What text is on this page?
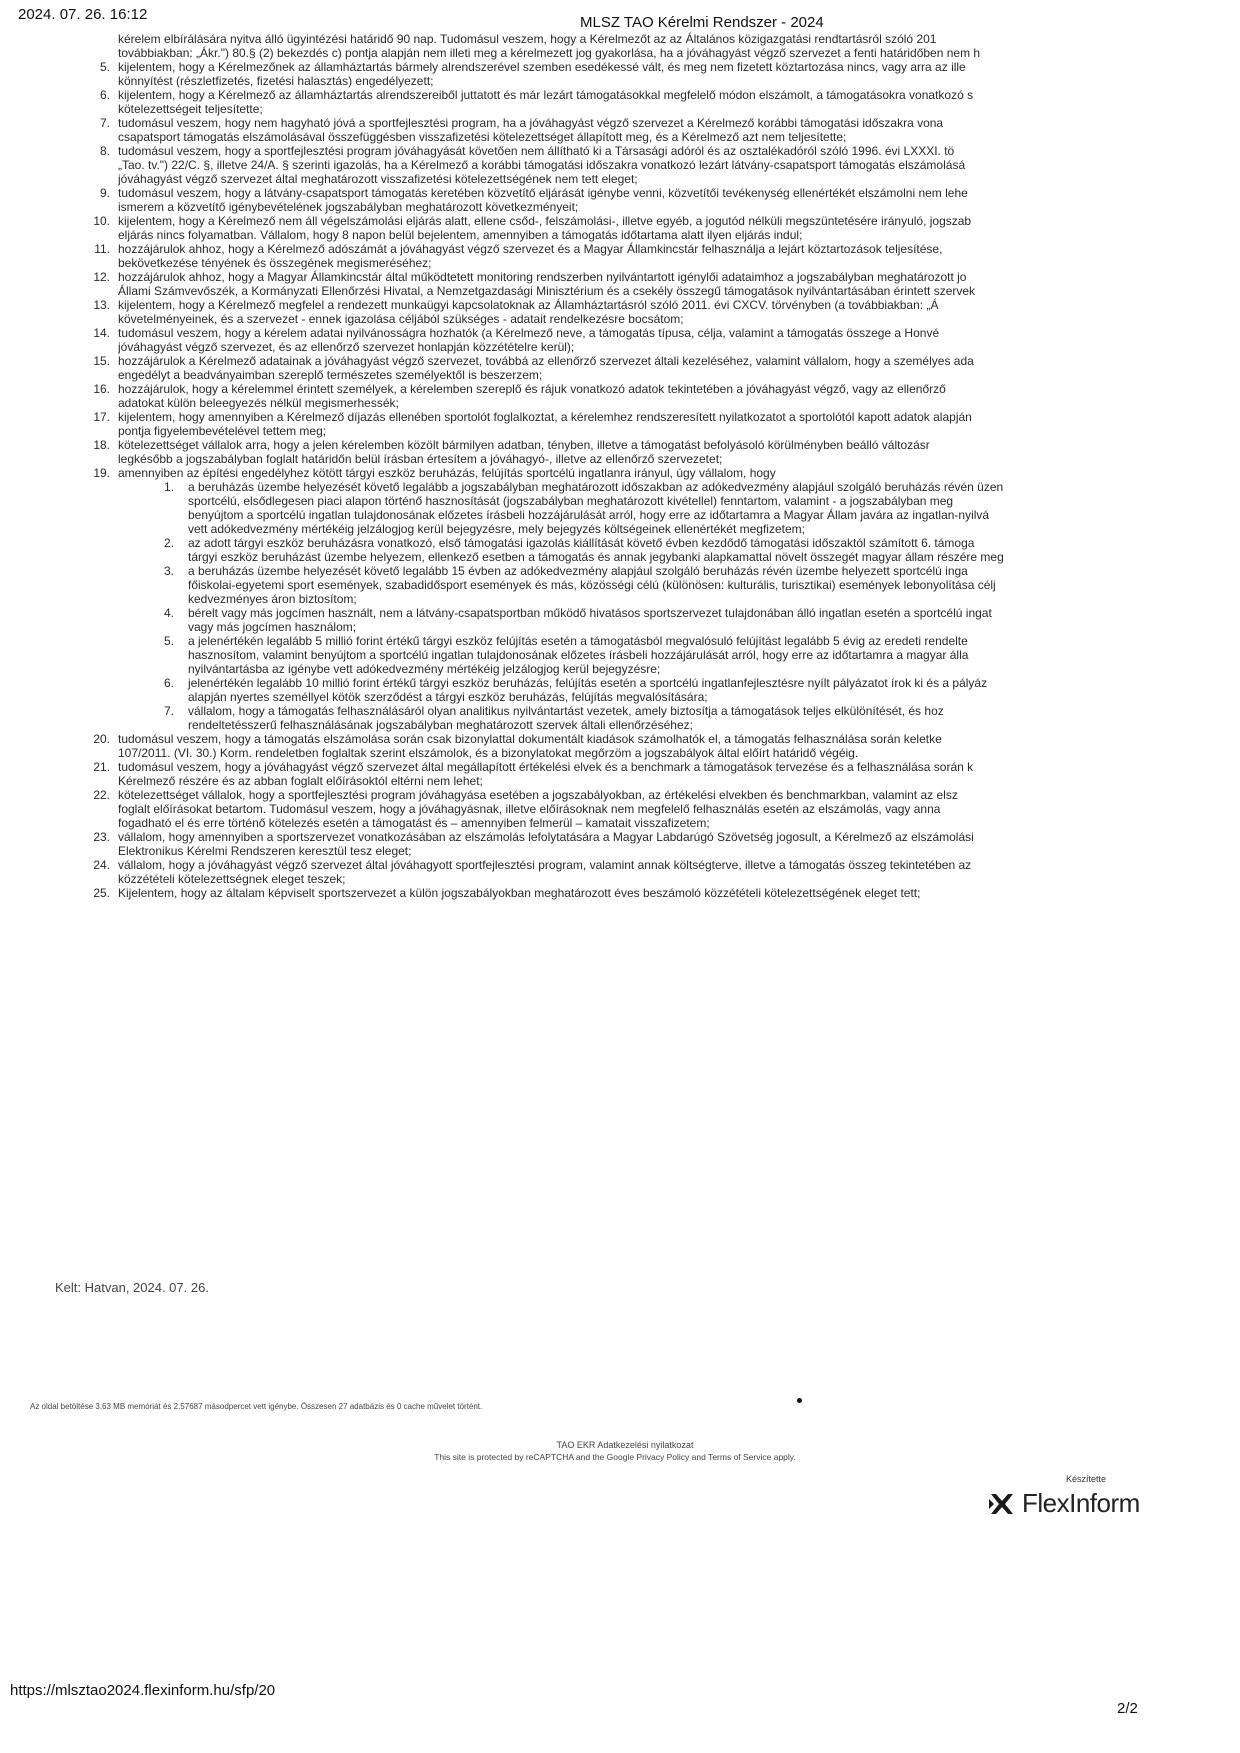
2024. 07. 26. 16:12	MLSZ TAO Kérelmi Rendszer - 2024
kérelem elbírálására nyitva álló ügyintézési határidő 90 nap. Tudomásul veszem, hogy a Kérelmezőt az az Általános közigazgatási rendtartásról szóló 201
továbbiakban: „Ákr.") 80.§ (2) bekezdés c) pontja alapján nem illeti meg a kérelmezett jog gyakorlása, ha a jóváhagyást végző szervezet a fenti határidőben nem h
5. kijelentem, hogy a Kérelmezőnek az államháztartás bármely alrendszerével szemben esedékessé vált, és meg nem fizetett köztartozása nincs, vagy arra az ille
könnyítést (részletfizetés, fizetési halasztás) engedélyezett;
6. kijelentem, hogy a Kérelmező az államháztartás alrendszereiből juttatott és már lezárt támogatásokkal megfelelő módon elszámolt, a támogatásokra vonatkozó s
kötelezettségeit teljesítette;
7. tudomásul veszem, hogy nem hagyható jóvá a sportfejlesztési program, ha a jóváhagyást végző szervezet a Kérelmező korábbi támogatási időszakra vona
csapatsport támogatás elszámolásával összefüggésben visszafizetési kötelezettséget állapított meg, és a Kérelmező azt nem teljesítette;
8. tudomásul veszem, hogy a sportfejlesztési program jóváhagyását követően nem állítható ki a Társasági adóról és az osztalékadóról szóló 1996. évi LXXXI. tö
„Tao. tv.") 22/C. §, illetve 24/A. § szerinti igazolás, ha a Kérelmező a korábbi támogatási időszakra vonatkozó lezárt látvány-csapatsport támogatás elszámolásá
jóváhagyást végző szervezet által meghatározott visszafizetési kötelezettségének nem tett eleget;
9. tudomásul veszem, hogy a látvány-csapatsport támogatás keretében közvetítő eljárását igénybe venni, közvetítői tevékenység ellenértékét elszámolni nem lehe
ismerem a közvetítő igénybevételének jogszabályban meghatározott következményeit;
10. kijelentem, hogy a Kérelmező nem áll végelszámolási eljárás alatt, ellene csőd-, felszámolási-, illetve egyéb, a jogutód nélküli megszüntetésére irányuló, jogszab
eljárás nincs folyamatban. Vállalom, hogy 8 napon belül bejelentem, amennyiben a támogatás időtartama alatt ilyen eljárás indul;
11. hozzájárulok ahhoz, hogy a Kérelmező adószámát a jóváhagyást végző szervezet és a Magyar Államkincstár felhasználja a lejárt köztartozások teljesítése,
bekövetkezése tényének és összegének megismeréséhez;
12. hozzájárulok ahhoz, hogy a Magyar Államkincstár által működtetett monitoring rendszerben nyilvántartott igénylői adataimhoz a jogszabályban meghatározott jo
Állami Számvevőszék, a Kormányzati Ellenőrzési Hivatal, a Nemzetgazdasági Minisztérium és a csekély összegű támogatások nyilvántartásában érintett szervek
13. kijelentem, hogy a Kérelmező megfelel a rendezett munkaügyi kapcsolatoknak az Államháztartásról szóló 2011. évi CXCV. törvényben (a továbbiakban: „Á
követelményeinek, és a szervezet - ennek igazolása céljából szükséges - adatait rendelkezésre bocsátom;
14. tudomásul veszem, hogy a kérelem adatai nyilvánosságra hozhatók (a Kérelmező neve, a támogatás típusa, célja, valamint a támogatás összege a Honvé
jóváhagyást végző szervezet, és az ellenőrző szervezet honlapján közzétételre kerül);
15. hozzájárulok a Kérelmező adatainak a jóváhagyást végző szervezet, továbbá az ellenőrző szervezet általi kezeléséhez, valamint vállalom, hogy a személyes ada
engedélyt a beadványaimban szereplő természetes személyektől is beszerzem;
16. hozzájárulok, hogy a kérelemmel érintett személyek, a kérelemben szereplő és rájuk vonatkozó adatok tekintetében a jóváhagyást végző, vagy az ellenőrző
adatokat külön beleegyezés nélkül megismerhessék;
17. kijelentem, hogy amennyiben a Kérelmező díjazás ellenében sportolót foglalkoztat, a kérelemhez rendszeresített nyilatkozatot a sportolótól kapott adatok alapján
pontja figyelembevételével tettem meg;
18. kötelezettséget vállalok arra, hogy a jelen kérelemben közölt bármilyen adatban, tényben, illetve a támogatást befolyásoló körülményben beálló változásr
legkésőbb a jogszabályban foglalt határidőn belül írásban értesítem a jóváhagyó-, illetve az ellenőrző szervezetet;
19. amennyiben az építési engedélyhez kötött tárgyi eszköz beruházás, felújítás sportcélú ingatlanra irányul, úgy vállalom, hogy
1. a beruházás üzembe helyezését követő legalább a jogszabályban meghatározott időszakban az adókedvezmény alapjául szolgáló beruházás révén üzen
sportcélú, elsődlegesen piaci alapon történő hasznosítását (jogszabályban meghatározott kivétellel) fenntartom, valamint - a jogszabályban meg
benyújtom a sportcélú ingatlan tulajdonosának előzetes írásbeli hozzájárulását arról, hogy erre az időtartamra a Magyar Állam javára az ingatlan-nyilvá
vett adókedvezmény mértékéig jelzálogjog kerül bejegyzésre, mely bejegyzés költségeinek ellenértékét megfizetem;
2. az adott tárgyi eszköz beruházásra vonatkozó, első támogatási igazolás kiállítását követő évben kezdődő támogatási időszaktól számított 6. támoga
tárgyi eszköz beruházást üzembe helyezem, ellenkező esetben a támogatás és annak jegybanki alapkamattal növelt összegét magyar állam részére meg
3. a beruházás üzembe helyezését követő legalább 15 évben az adókedvezmény alapjául szolgáló beruházás révén üzembe helyezett sportcélú inga
főiskolai-egyetemi sport események, szabadidősport események és más, közösségi célú (különösen: kulturális, turisztikai) események lebonyolítása célj
kedvezményes áron biztosítom;
4. bérelt vagy más jogcímen használt, nem a látvány-csapatsportban működő hivatásos sportszervezet tulajdonában álló ingatlan esetén a sportcélú ingat
vagy más jogcímen használom;
5. a jelenértékén legalább 5 millió forint értékű tárgyi eszköz felújítás esetén a támogatásból megvalósuló felújítást legalább 5 évig az eredeti rendelte
hasznosítom, valamint benyújtom a sportcélú ingatlan tulajdonosának előzetes írásbeli hozzájárulását arról, hogy erre az időtartamra a magyar álla
nyilvántartásba az igénybe vett adókedvezmény mértékéig jelzálogjog kerül bejegyzésre;
6. jelenértékén legalább 10 millió forint értékű tárgyi eszköz beruházás, felújítás esetén a sportcélú ingatlanfejlesztésre nyílt pályázatot írok ki és a pályáz
alapján nyertes személlyel kötök szerződést a tárgyi eszköz beruházás, felújítás megvalósítására;
7. vállalom, hogy a támogatás felhasználásáról olyan analitikus nyilvántartást vezetek, amely biztosítja a támogatások teljes elkülönítését, és hoz
rendeltetésszerű felhasználásának jogszabályban meghatározott szervek általi ellenőrzéséhez;
20. tudomásul veszem, hogy a támogatás elszámolása során csak bizonylattal dokumentált kiadások számolhatók el, a támogatás felhasználása során keletke
107/2011. (VI. 30.) Korm. rendeletben foglaltak szerint elszámolok, és a bizonylatokat megőrzöm a jogszabályok által előírt határidő végéig.
21. tudomásul veszem, hogy a jóváhagyást végző szervezet által megállapított értékelési elvek és a benchmark a támogatások tervezése és a felhasználása során k
Kérelmező részére és az abban foglalt előírásoktól eltérni nem lehet;
22. kötelezettséget vállalok, hogy a sportfejlesztési program jóváhagyása esetében a jogszabályokban, az értékelési elvekben és benchmarkban, valamint az elsz
foglalt előírásokat betartom. Tudomásul veszem, hogy a jóváhagyásnak, illetve előírásoknak nem megfelelő felhasználás esetén az elszámolás, vagy anna
fogadható el és erre történő kötelezés esetén a támogatást és – amennyiben felmerül – kamatait visszafizetem;
23. vállalom, hogy amennyiben a sportszervezet vonatkozásában az elszámolás lefolytatására a Magyar Labdarúgó Szövetség jogosult, a Kérelmező az elszámolási
Elektronikus Kérelmi Rendszeren keresztül tesz eleget;
24. vállalom, hogy a jóváhagyást végző szervezet által jóváhagyott sportfejlesztési program, valamint annak költségterve, illetve a támogatás összeg tekintetében az
közzétételi kötelezettségnek eleget teszek;
25. Kijelentem, hogy az általam képviselt sportszervezet a külön jogszabályokban meghatározott éves beszámoló közzétételi kötelezettségének eleget tett;
Kelt: Hatvan, 2024. 07. 26.
Az oldal betöltése 3.63 MB memóriát és 2.57687 másodpercet vett igénybe. Összesen 27 adatbázis és 0 cache művelet történt.
TAO EKR Adatkezelési nyilatkozat
This site is protected by reCAPTCHA and the Google Privacy Policy and Terms of Service apply.
Készítette
FlexInform
https://mlsztao2024.flexinform.hu/sfp/20
2/2
